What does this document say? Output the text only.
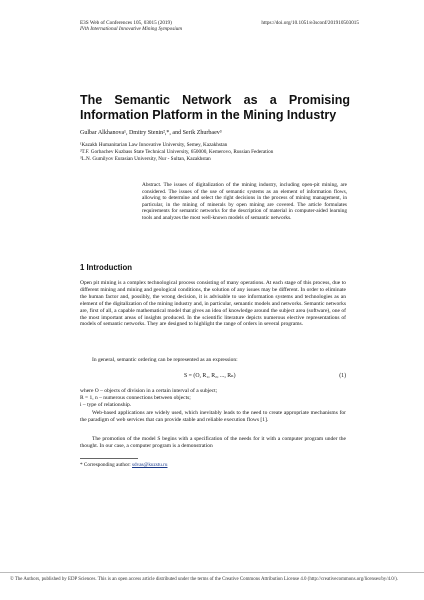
E3S Web of Conferences 105, 03015 (2019)
IVth International Innovative Mining Symposium
https://doi.org/10.1051/e3sconf/201910503015
The Semantic Network as a Promising Information Platform in the Mining Industry
Gulbar Alkhanova¹, Dmitry Stenin²,*, and Serik Zhurbaev³
¹Kazakh Humanitarian Law Innovative University, Semey, Kazakhstan
²T.F. Gorbachev Kuzbass State Technical University, 650000, Kemerovo, Russian Federation
³L.N. Gumilyov Eurasian University, Nur - Sultan, Kazakhstan
Abstract. The issues of digitalization of the mining industry, including open-pit mining, are considered. The issues of the use of semantic systems as an element of information flows, allowing to determine and select the right decisions in the process of mining management, in particular, in the mining of minerals by open mining are covered. The article formulates requirements for semantic networks for the description of material in computer-aided learning tools and analyzes the most well-known models of semantic networks.
1 Introduction
Open pit mining is a complex technological process consisting of many operations. At each stage of this process, due to different mining and mining and geological conditions, the solution of any issues may be different. In order to eliminate the human factor and, possibly, the wrong decision, it is advisable to use information systems and technologies as an element of the digitalization of the mining industry and, in particular, semantic models and networks. Semantic networks are, first of all, a capable mathematical model that gives an idea of knowledge around the subject area (software), one of the most important areas of insights produced. In the scientific literature depicts numerous elective representations of models of semantic networks. They are designed to highlight the range of orders in several programs.
In general, semantic ordering can be represented as an expression:
S = (O, R₁, R₂, ..., Rₙ)	(1)
where O – objects of division in a certain interval of a subject;
R = 1, n – numerous connections between objects;
i – type of relationship.
Web-based applications are widely used, which inevitably leads to the need to create appropriate mechanisms for the paradigm of web services that can provide stable and reliable execution flows [1].
The promotion of the model S begins with a specification of the needs for it with a computer program under the thought. In our case, a computer program is a demonstration
* Corresponding author: sdvas@kuzstu.ru
© The Authors, published by EDP Sciences. This is an open access article distributed under the terms of the Creative Commons Attribution License 4.0 (http://creativecommons.org/licenses/by/4.0/).
